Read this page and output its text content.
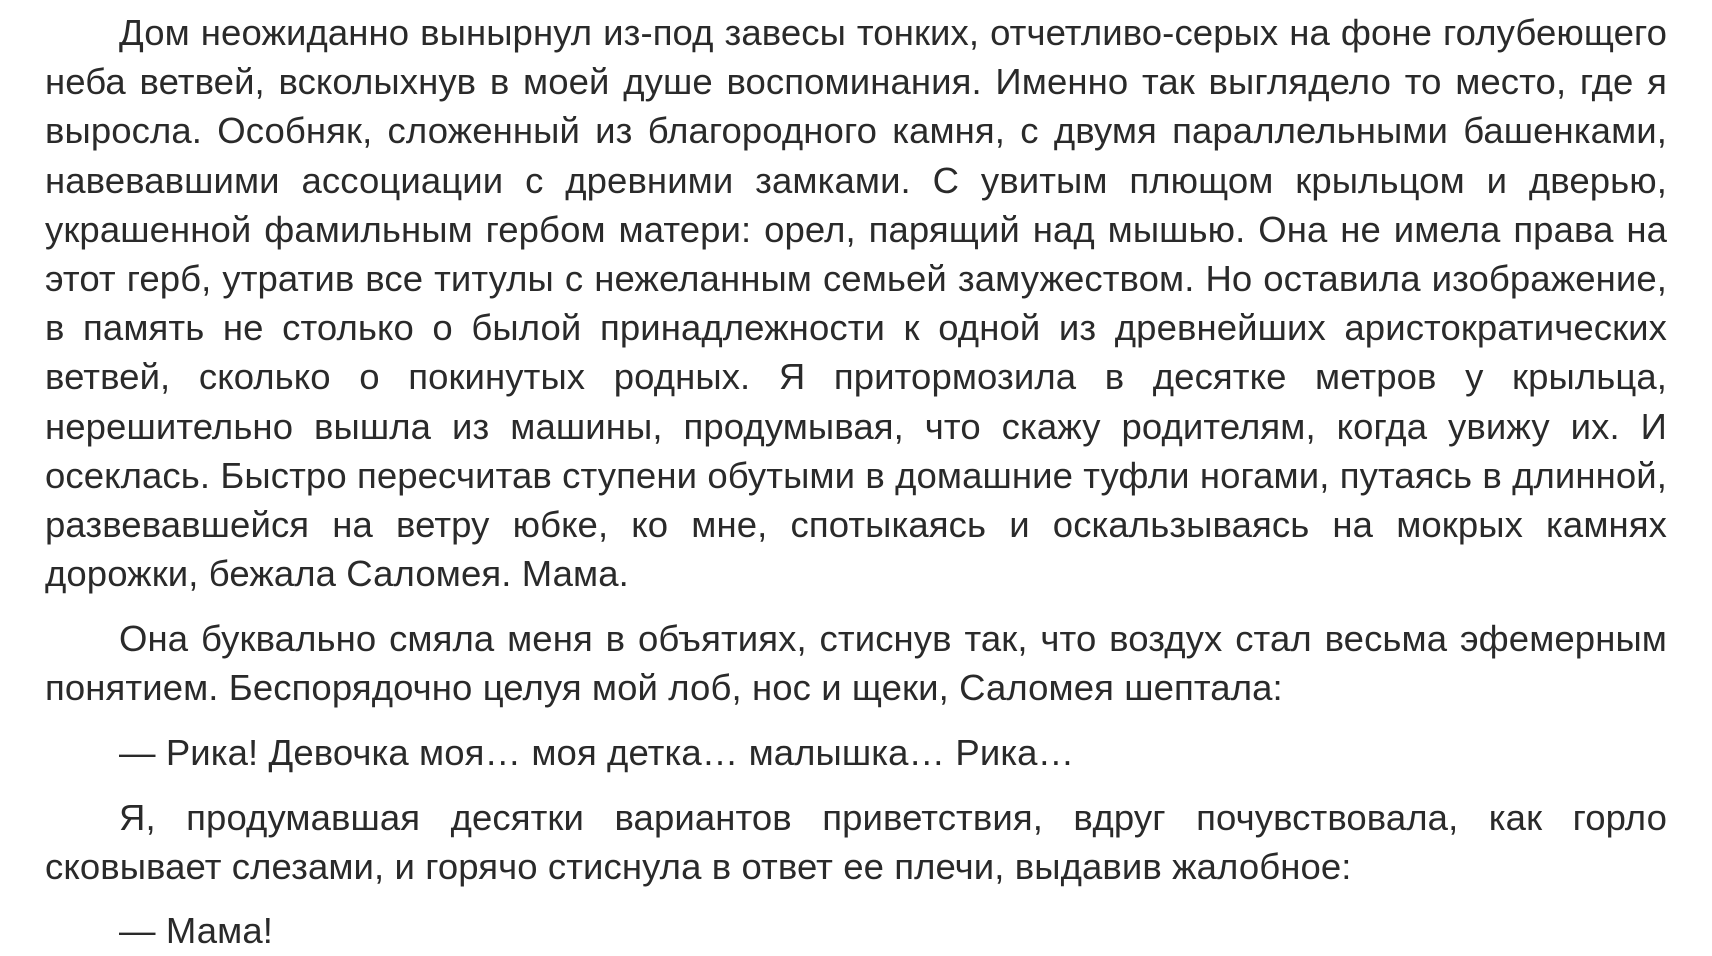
Дом неожиданно вынырнул из-под завесы тонких, отчетливо-серых на фоне голубеющего неба ветвей, всколыхнув в моей душе воспоминания. Именно так выглядело то место, где я выросла. Особняк, сложенный из благородного камня, с двумя параллельными башенками, навевавшими ассоциации с древними замками. С увитым плющом крыльцом и дверью, украшенной фамильным гербом матери: орел, парящий над мышью. Она не имела права на этот герб, утратив все титулы с нежеланным семьей замужеством. Но оставила изображение, в память не столько о былой принадлежности к одной из древнейших аристократических ветвей, сколько о покинутых родных. Я притормозила в десятке метров у крыльца, нерешительно вышла из машины, продумывая, что скажу родителям, когда увижу их. И осеклась. Быстро пересчитав ступени обутыми в домашние туфли ногами, путаясь в длинной, развевавшейся на ветру юбке, ко мне, спотыкаясь и оскальзываясь на мокрых камнях дорожки, бежала Саломея. Мама.

Она буквально смяла меня в объятиях, стиснув так, что воздух стал весьма эфемерным понятием. Беспорядочно целуя мой лоб, нос и щеки, Саломея шептала:

— Рика! Девочка моя… моя детка… малышка… Рика…

Я, продумавшая десятки вариантов приветствия, вдруг почувствовала, как горло сковывает слезами, и горячо стиснула в ответ ее плечи, выдавив жалобное:

— Мама!
